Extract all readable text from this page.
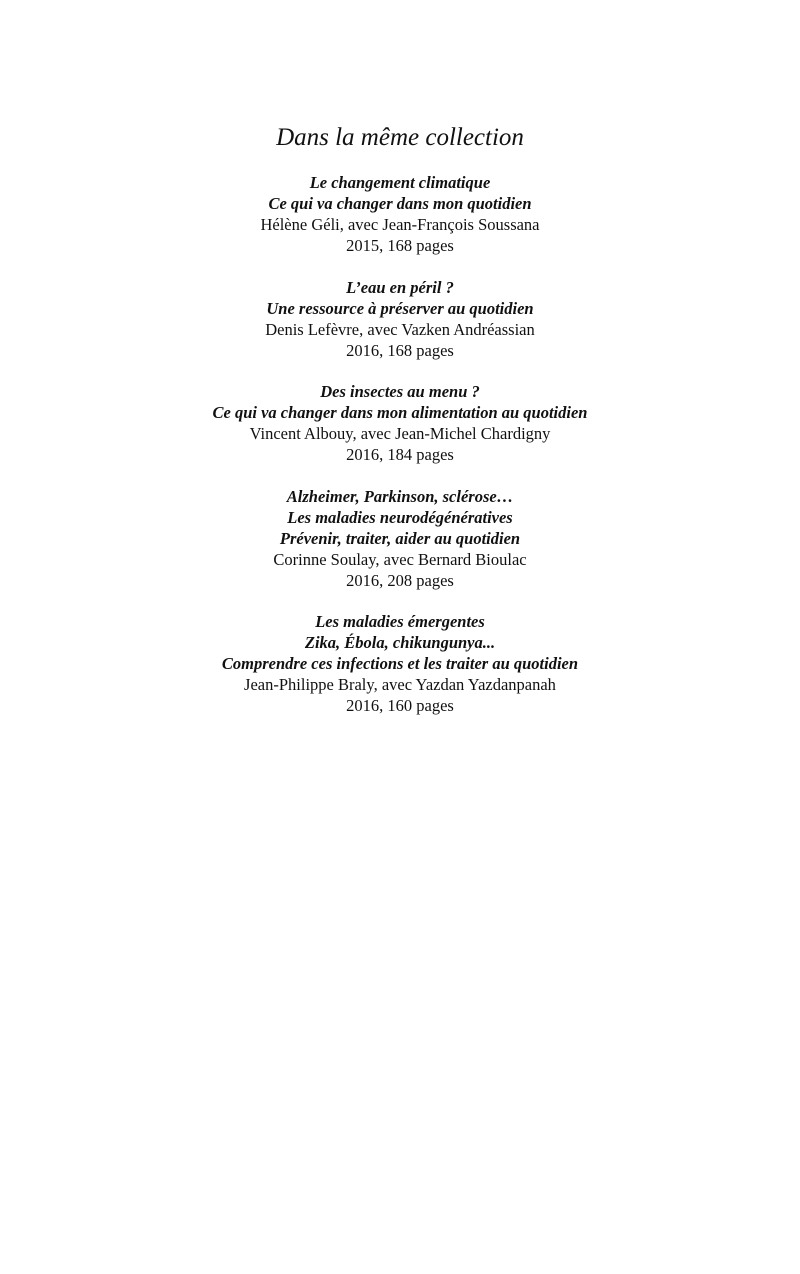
Dans la même collection
Le changement climatique
Ce qui va changer dans mon quotidien
Hélène Géli, avec Jean-François Soussana
2015, 168 pages
L’eau en péril ?
Une ressource à préserver au quotidien
Denis Lefèvre, avec Vazken Andréassian
2016, 168 pages
Des insectes au menu ?
Ce qui va changer dans mon alimentation au quotidien
Vincent Albouy, avec Jean-Michel Chardigny
2016, 184 pages
Alzheimer, Parkinson, sclérose…
Les maladies neurodégénératives
Prévenir, traiter, aider au quotidien
Corinne Soulay, avec Bernard Bioulac
2016, 208 pages
Les maladies émergentes
Zika, Ébola, chikungunya...
Comprendre ces infections et les traiter au quotidien
Jean-Philippe Braly, avec Yazdan Yazdanpanah
2016, 160 pages
